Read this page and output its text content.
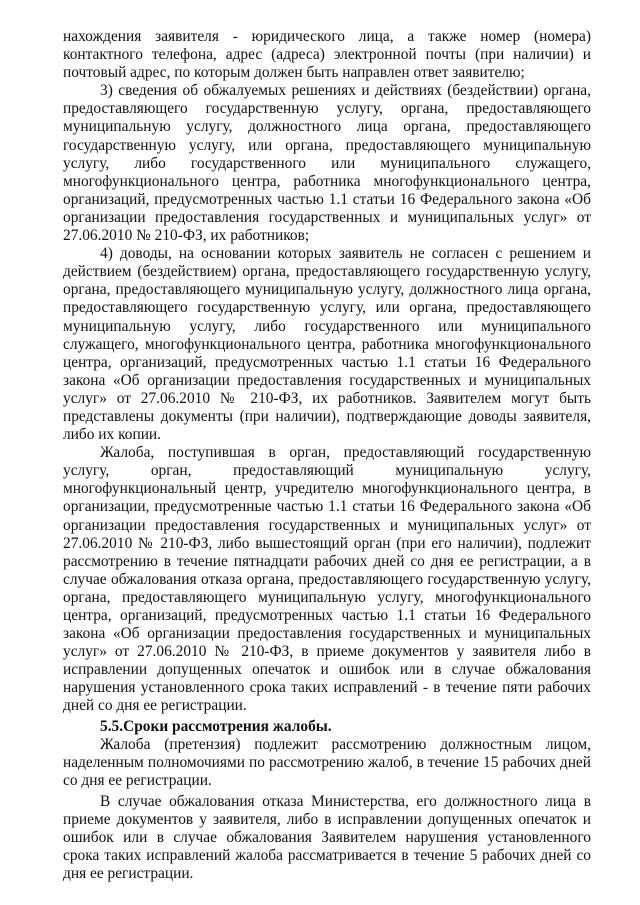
нахождения заявителя - юридического лица, а также номер (номера) контактного телефона, адрес (адреса) электронной почты (при наличии) и почтовый адрес, по которым должен быть направлен ответ заявителю;

3) сведения об обжалуемых решениях и действиях (бездействии) органа, предоставляющего государственную услугу, органа, предоставляющего муниципальную услугу, должностного лица органа, предоставляющего государственную услугу, или органа, предоставляющего муниципальную услугу, либо государственного или муниципального служащего, многофункционального центра, работника многофункционального центра, организаций, предусмотренных частью 1.1 статьи 16 Федерального закона «Об организации предоставления государственных и муниципальных услуг» от 27.06.2010 № 210-ФЗ, их работников;

4) доводы, на основании которых заявитель не согласен с решением и действием (бездействием) органа, предоставляющего государственную услугу, органа, предоставляющего муниципальную услугу, должностного лица органа, предоставляющего государственную услугу, или органа, предоставляющего муниципальную услугу, либо государственного или муниципального служащего, многофункционального центра, работника многофункционального центра, организаций, предусмотренных частью 1.1 статьи 16 Федерального закона «Об организации предоставления государственных и муниципальных услуг» от 27.06.2010 № 210-ФЗ, их работников. Заявителем могут быть представлены документы (при наличии), подтверждающие доводы заявителя, либо их копии.

Жалоба, поступившая в орган, предоставляющий государственную услугу, орган, предоставляющий муниципальную услугу, многофункциональный центр, учредителю многофункционального центра, в организации, предусмотренные частью 1.1 статьи 16 Федерального закона «Об организации предоставления государственных и муниципальных услуг» от 27.06.2010 № 210-ФЗ, либо вышестоящий орган (при его наличии), подлежит рассмотрению в течение пятнадцати рабочих дней со дня ее регистрации, а в случае обжалования отказа органа, предоставляющего государственную услугу, органа, предоставляющего муниципальную услугу, многофункционального центра, организаций, предусмотренных частью 1.1 статьи 16 Федерального закона «Об организации предоставления государственных и муниципальных услуг» от 27.06.2010 № 210-ФЗ, в приеме документов у заявителя либо в исправлении допущенных опечаток и ошибок или в случае обжалования нарушения установленного срока таких исправлений - в течение пяти рабочих дней со дня ее регистрации.

5.5.Сроки рассмотрения жалобы.

Жалоба (претензия) подлежит рассмотрению должностным лицом, наделенным полномочиями по рассмотрению жалоб, в течение 15 рабочих дней со дня ее регистрации.

В случае обжалования отказа Министерства, его должностного лица в приеме документов у заявителя, либо в исправлении допущенных опечаток и ошибок или в случае обжалования Заявителем нарушения установленного срока таких исправлений жалоба рассматривается в течение 5 рабочих дней со дня ее регистрации.
